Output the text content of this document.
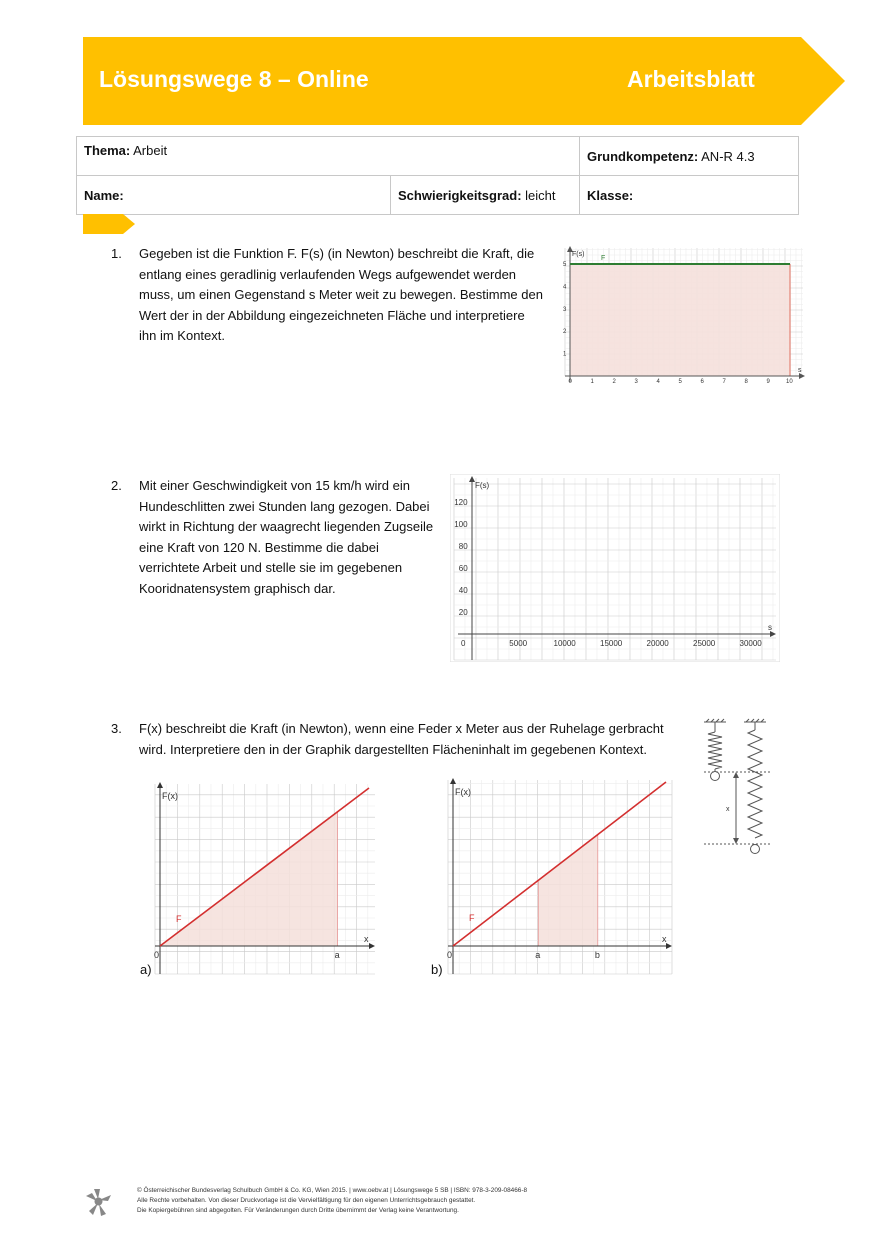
Lösungswege 8 – Online	Arbeitsblatt
Thema: Arbeit		Grundkompetenz: AN-R 4.3
Name:	Schwierigkeitsgrad: leicht	Klasse:
1. Gegeben ist die Funktion F. F(s) (in Newton) beschreibt die Kraft, die
entlang eines geradlinig verlaufenden Wegs aufgewendet werden
muss, um einen Gegenstand s Meter weit zu bewegen. Bestimme den
Wert der in der Abbildung eingezeichneten Fläche und interpretiere
ihn im Kontext.
F(s)
s
F
0	1	2	3	4	5	6	7	8	9	10
1
2
3
4
5
2. Mit einer Geschwindigkeit von 15 km/h wird ein
Hundeschlitten zwei Stunden lang gezogen. Dabei
wirkt in Richtung der waagrecht liegenden Zugseile
eine Kraft von 120 N. Bestimme die dabei
verrichtete Arbeit und stelle sie im gegebenen
Kooridnatensystem graphisch dar.
F(s)
s
0	5000	10000	15000	20000	25000	30000
20
40
60
80
100
120
3. F(x) beschreibt die Kraft (in Newton), wenn eine Feder x Meter aus der Ruhelage gerbracht
wird. Interpretiere den in der Graphik dargestellten Flächeninhalt im gegebenen Kontext.
x
F(x)
x
F
0	a
a)
F(x)
x
F
0	a	b
b)
© Österreichischer Bundesverlag Schulbuch GmbH & Co. KG, Wien 2015. | www.oebv.at | Lösungswege 5 SB | ISBN: 978-3-209-08466-8
Alle Rechte vorbehalten. Von dieser Druckvorlage ist die Vervielfältigung für den eigenen Unterrichtsgebrauch gestattet.
Die Kopiergebühren sind abgegolten. Für Veränderungen durch Dritte übernimmt der Verlag keine Verantwortung.
